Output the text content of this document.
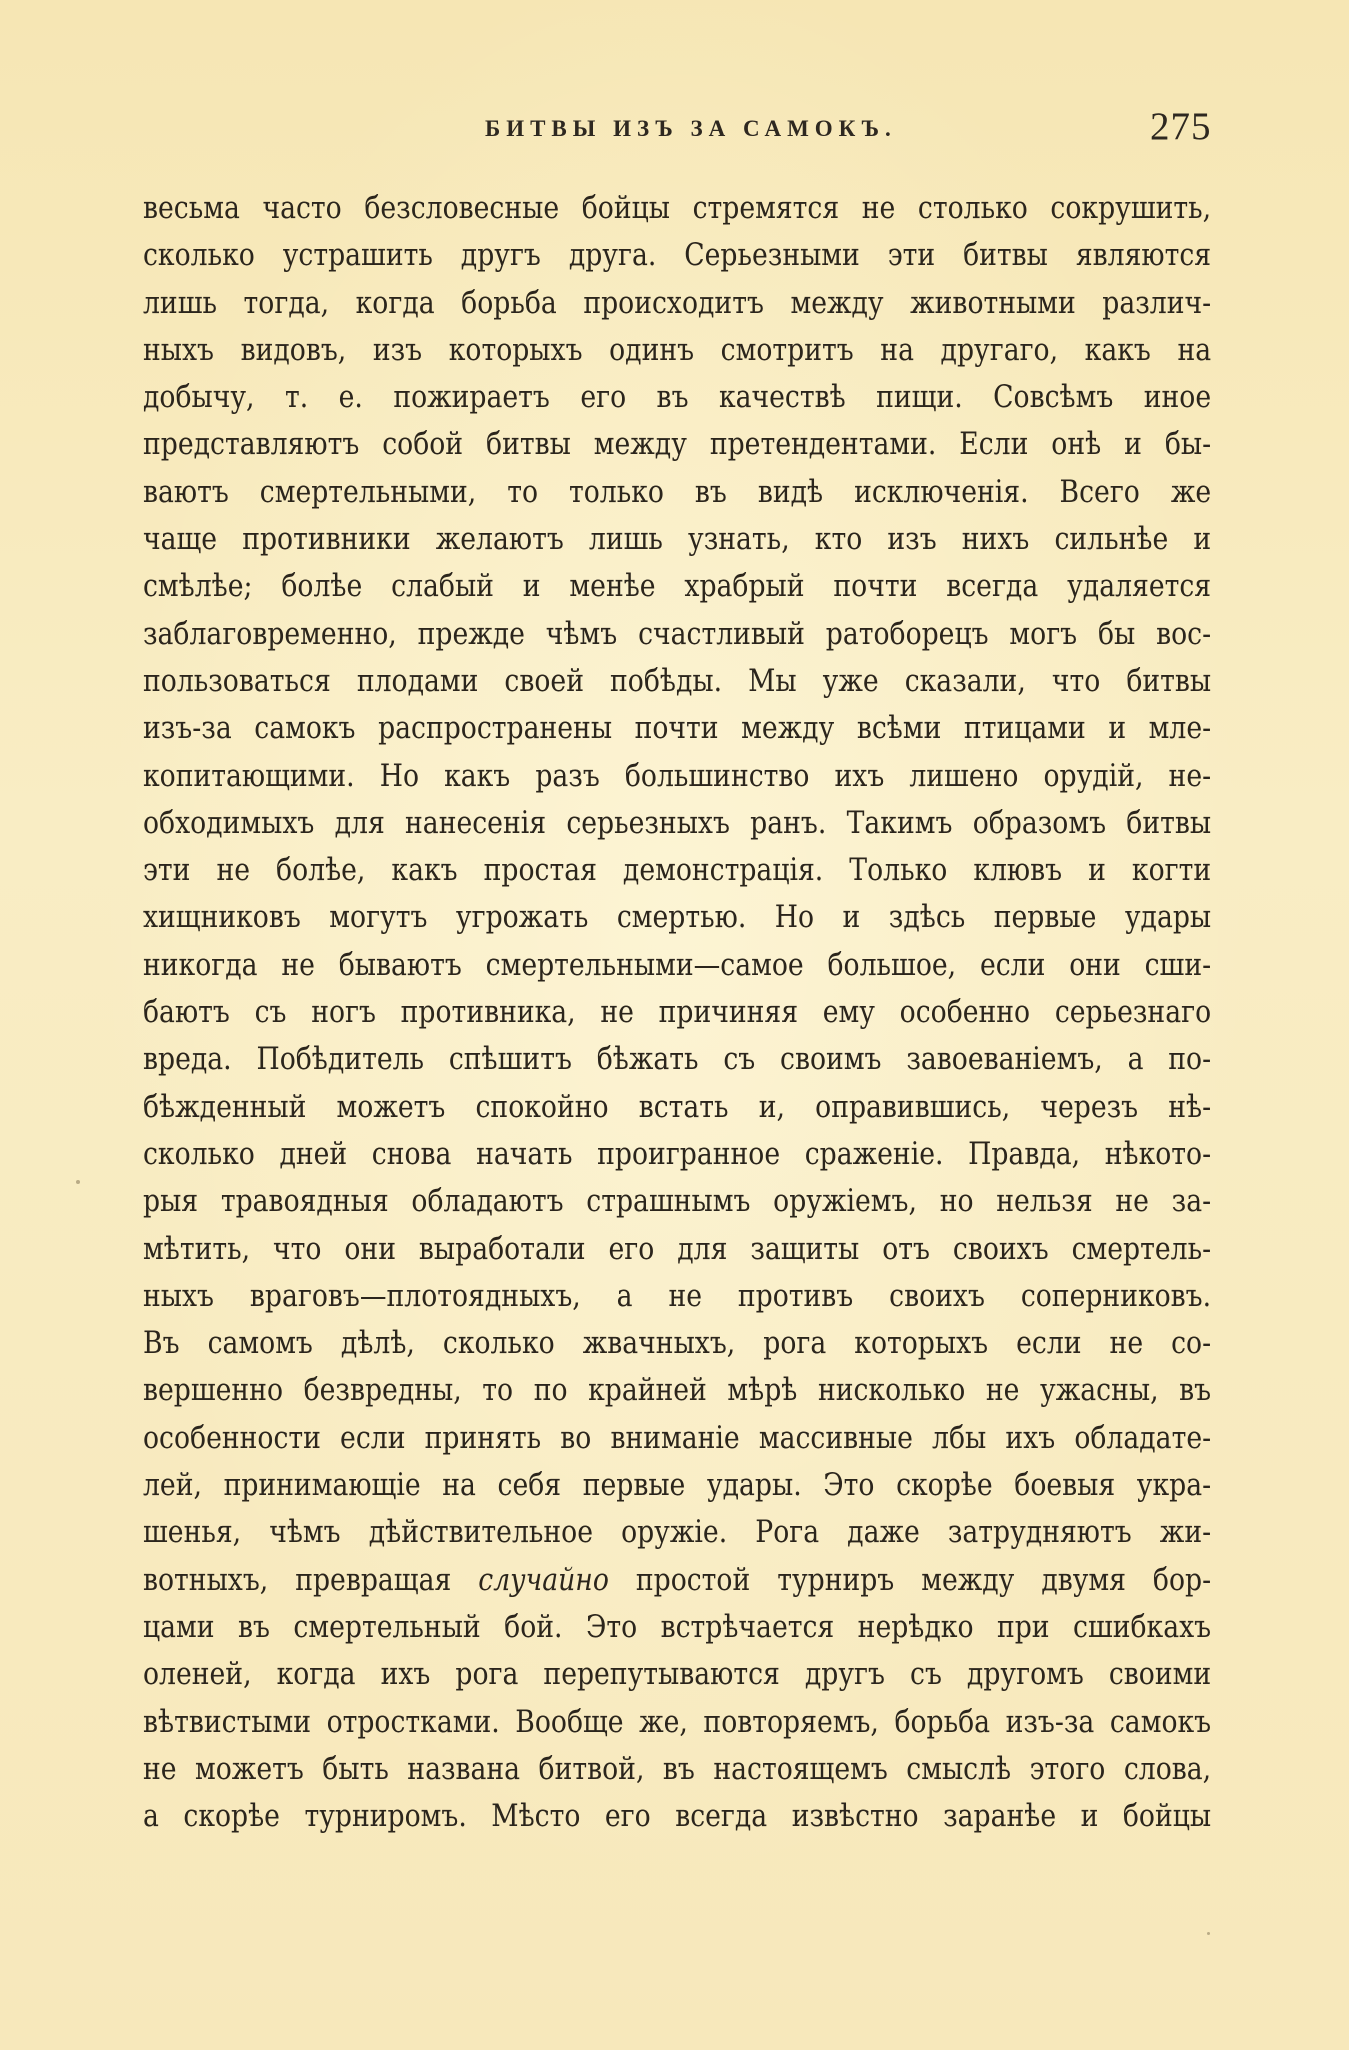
БИТВЫ ИЗЪ ЗА САМОКЪ.	275
весьма часто безсловесные бойцы стремятся не столько сокрушить,
сколько устрашить другъ друга. Серьезными эти битвы являются
лишь тогда, когда борьба происходитъ между животными различ-
ныхъ видовъ, изъ которыхъ одинъ смотритъ на другаго, какъ на
добычу, т. е. пожираетъ его въ качествѣ пищи. Совсѣмъ иное
представляютъ собой битвы между претендентами. Если онѣ и бы-
ваютъ смертельными, то только въ видѣ исключенія. Всего же
чаще противники желаютъ лишь узнать, кто изъ нихъ сильнѣе и
смѣлѣе; болѣе слабый и менѣе храбрый почти всегда удаляется
заблаговременно, прежде чѣмъ счастливый ратоборецъ могъ бы вос-
пользоваться плодами своей побѣды. Мы уже сказали, что битвы
изъ-за самокъ распространены почти между всѣми птицами и мле-
копитающими. Но какъ разъ большинство ихъ лишено орудій, не-
обходимыхъ для нанесенія серьезныхъ ранъ. Такимъ образомъ битвы
эти не болѣе, какъ простая демонстрація. Только клювъ и когти
хищниковъ могутъ угрожать смертью. Но и здѣсь первые удары
никогда не бываютъ смертельными—самое большое, если они сши-
баютъ съ ногъ противника, не причиняя ему особенно серьезнаго
вреда. Побѣдитель спѣшитъ бѣжать съ своимъ завоеваніемъ, а по-
бѣжденный можетъ спокойно встать и, оправившись, черезъ нѣ-
сколько дней снова начать проигранное сраженіе. Правда, нѣкото-
рыя травоядныя обладаютъ страшнымъ оружіемъ, но нельзя не за-
мѣтить, что они выработали его для защиты отъ своихъ смертель-
ныхъ враговъ—плотоядныхъ, а не противъ своихъ соперниковъ.
Въ самомъ дѣлѣ, сколько жвачныхъ, рога которыхъ если не со-
вершенно безвредны, то по крайней мѣрѣ нисколько не ужасны, въ
особенности если принять во вниманіе массивные лбы ихъ обладате-
лей, принимающіе на себя первые удары. Это скорѣе боевыя укра-
шенья, чѣмъ дѣйствительное оружіе. Рога даже затрудняютъ жи-
вотныхъ, превращая случайно простой турниръ между двумя бор-
цами въ смертельный бой. Это встрѣчается нерѣдко при сшибкахъ
оленей, когда ихъ рога перепутываются другъ съ другомъ своими
вѣтвистыми отростками. Вообще же, повторяемъ, борьба изъ-за самокъ
не можетъ быть названа битвой, въ настоящемъ смыслѣ этого слова,
а скорѣе турниромъ. Мѣсто его всегда извѣстно заранѣе и бойцы
